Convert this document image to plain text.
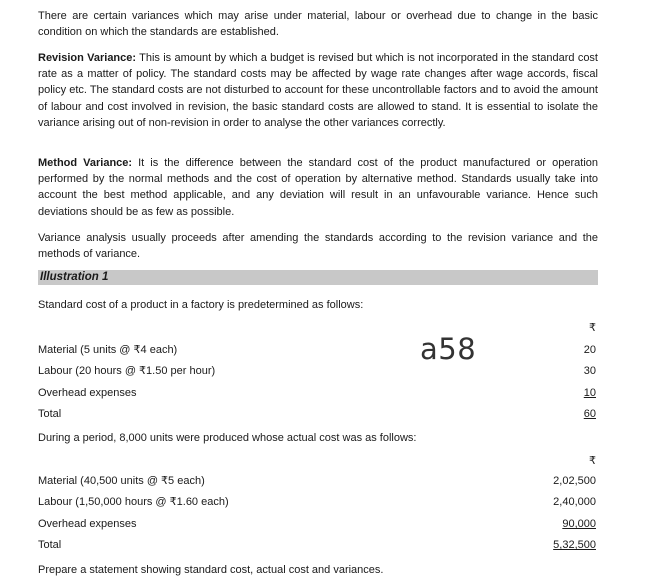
There are certain variances which may arise under material, labour or overhead due to change in the basic condition on which the standards are established.

Revision Variance: This is amount by which a budget is revised but which is not incorporated in the standard cost rate as a matter of policy. The standard costs may be affected by wage rate changes after wage accords, fiscal policy etc. The standard costs are not disturbed to account for these uncontrollable factors and to avoid the amount of labour and cost involved in revision, the basic standard costs are allowed to stand. It is essential to isolate the variance arising out of non-revision in order to analyse the other variances correctly.

Method Variance: It is the difference between the standard cost of the product manufactured or operation performed by the normal methods and the cost of operation by alternative method. Standards usually take into account the best method applicable, and any deviation will result in an unfavourable variance. Hence such deviations should be as few as possible.

Variance analysis usually proceeds after amending the standards according to the revision variance and the methods of variance.

Illustration 1
Standard cost of a product in a factory is predetermined as follows:
₹
Material (5 units @ ₹4 each)	20
Labour (20 hours @ ₹1.50 per hour)	30
Overhead expenses	10
Total	60
During a period, 8,000 units were produced whose actual cost was as follows:
₹
Material (40,500 units @ ₹5 each)	2,02,500
Labour (1,50,000 hours @ ₹1.60 each)	2,40,000
Overhead expenses	90,000
Total	5,32,500
Prepare a statement showing standard cost, actual cost and variances.
a58
